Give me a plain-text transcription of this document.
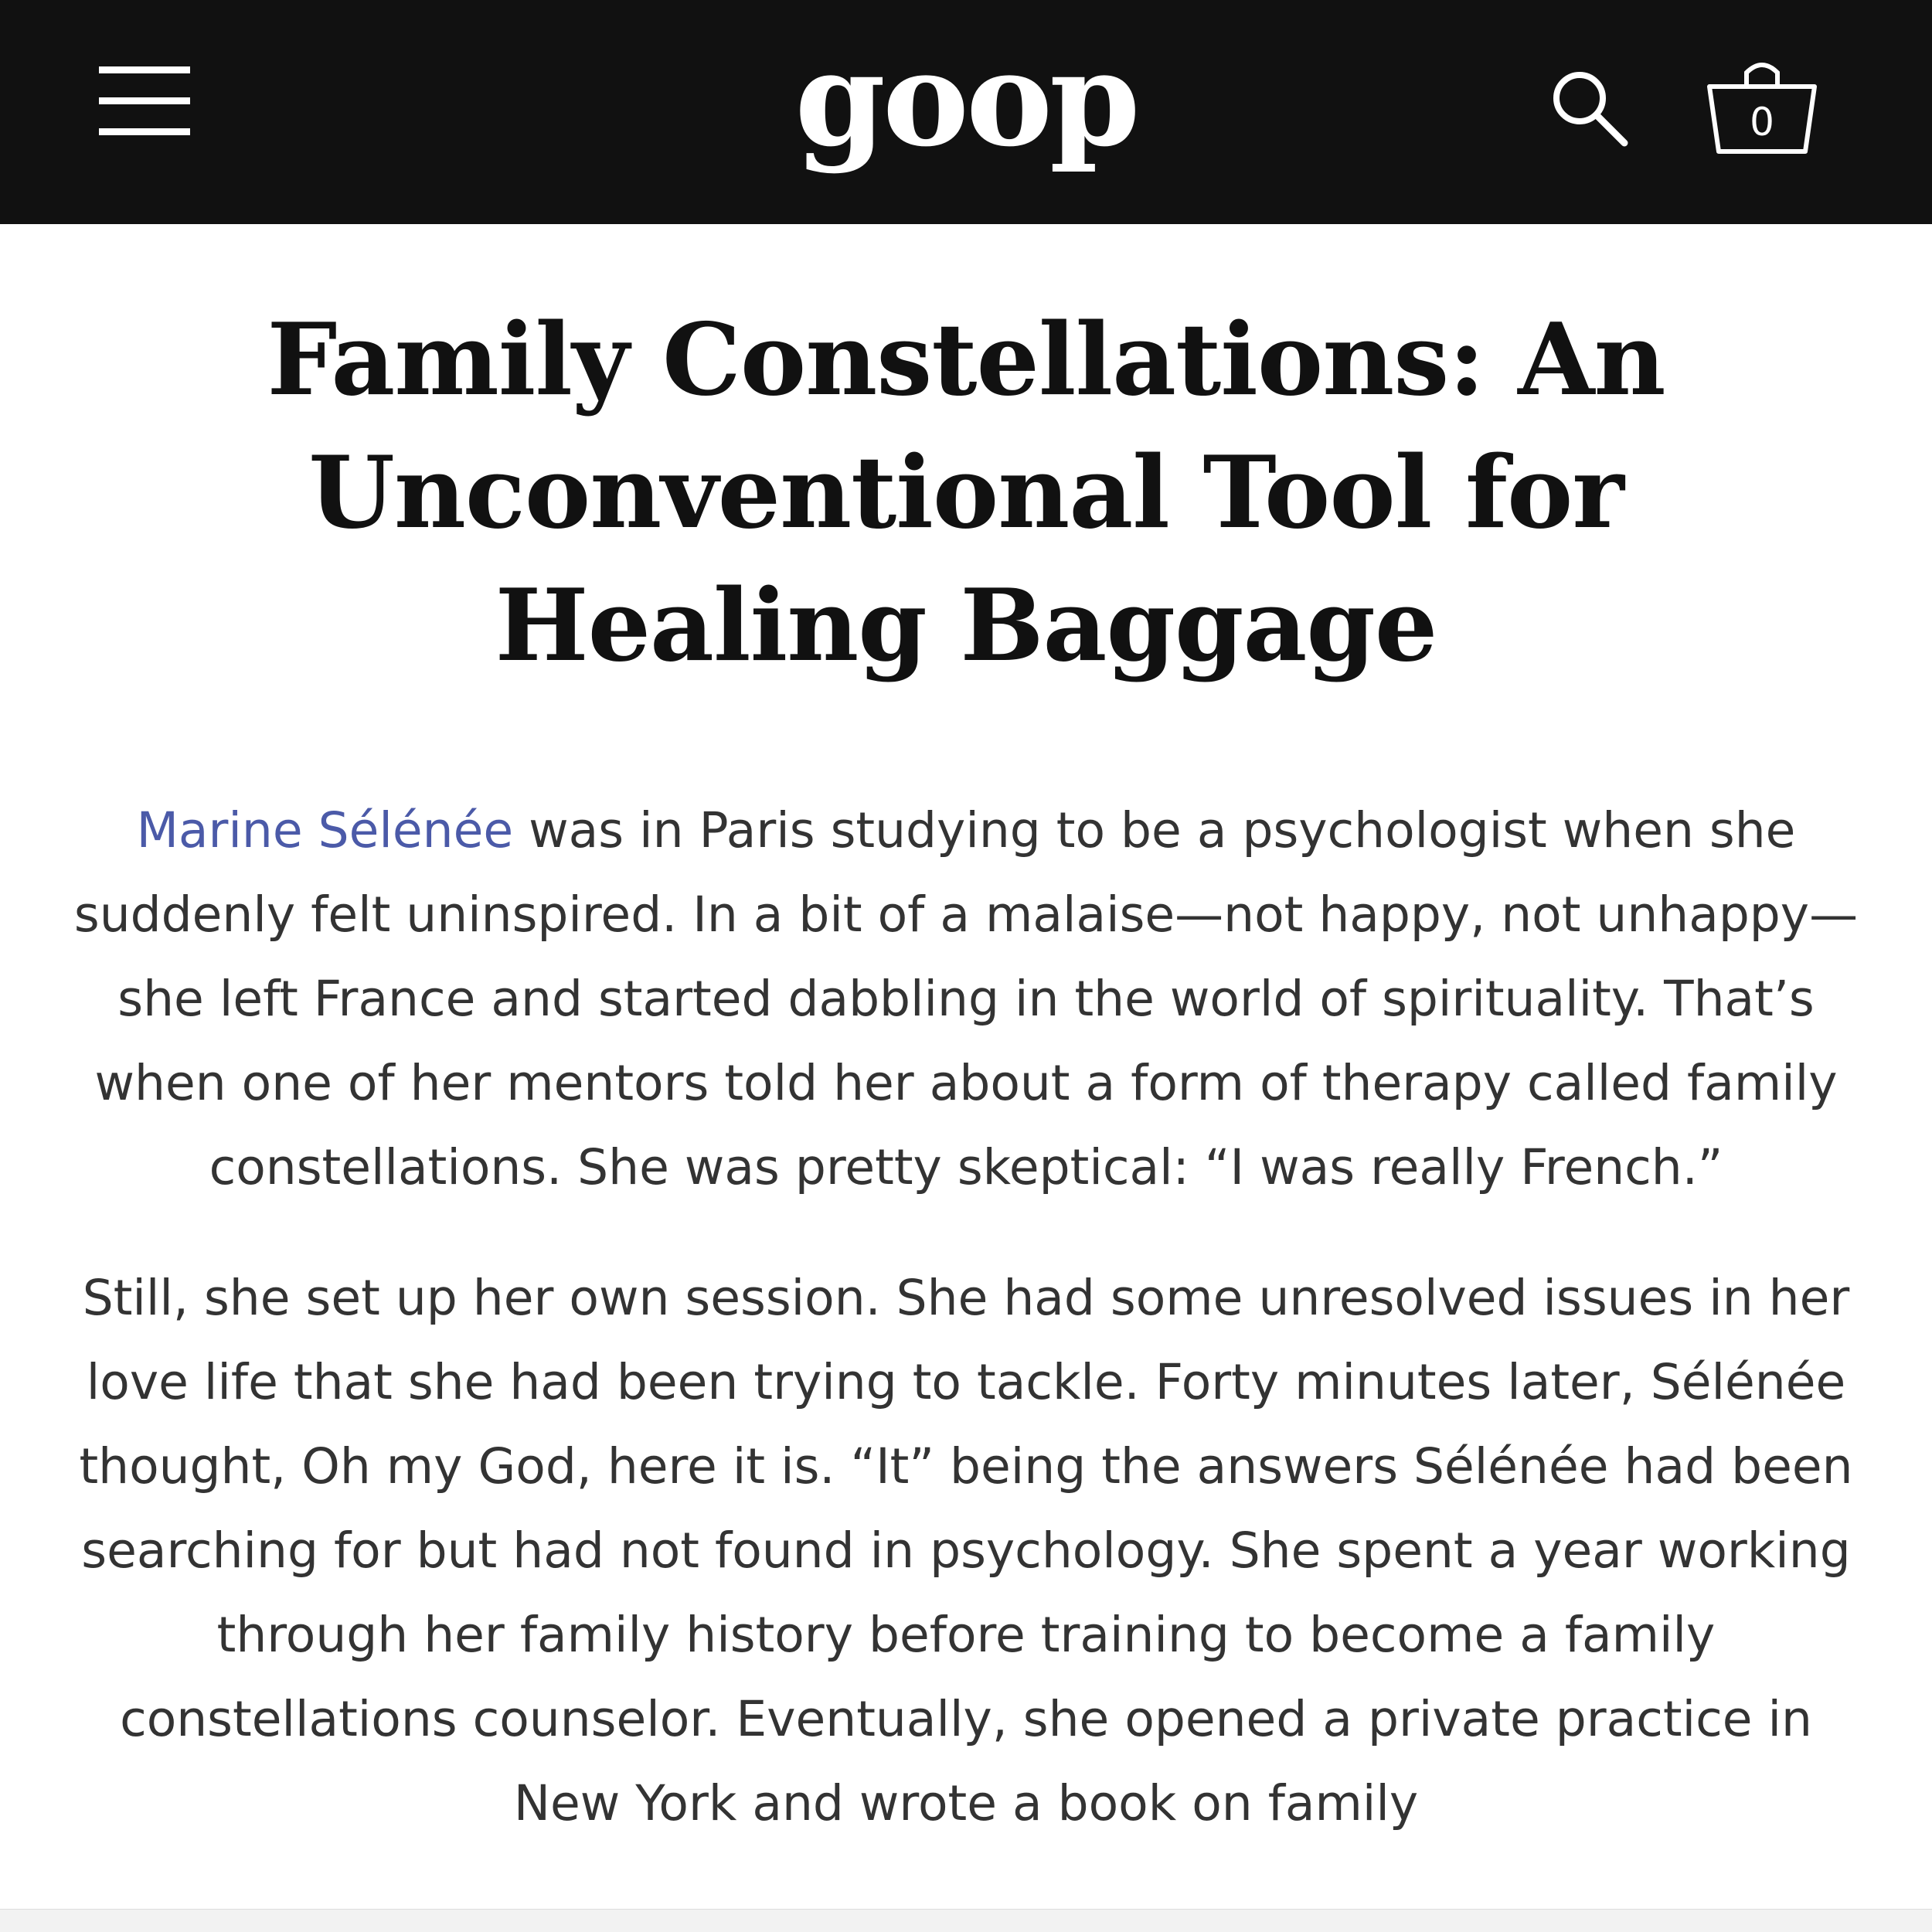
goop	0
Family Constellations: An Unconventional Tool for Healing Baggage

Marine Sélénée was in Paris studying to be a psychologist when she suddenly felt uninspired. In a bit of a malaise—not happy, not unhappy—she left France and started dabbling in the world of spirituality. That’s when one of her mentors told her about a form of therapy called family constellations. She was pretty skeptical: “I was really French.”

Still, she set up her own session. She had some unresolved issues in her love life that she had been trying to tackle. Forty minutes later, Sélénée thought, Oh my God, here it is. “It” being the answers Sélénée had been searching for but had not found in psychology. She spent a year working through her family history before training to become a family constellations counselor. Eventually, she opened a private practice in New York and wrote a book on family
